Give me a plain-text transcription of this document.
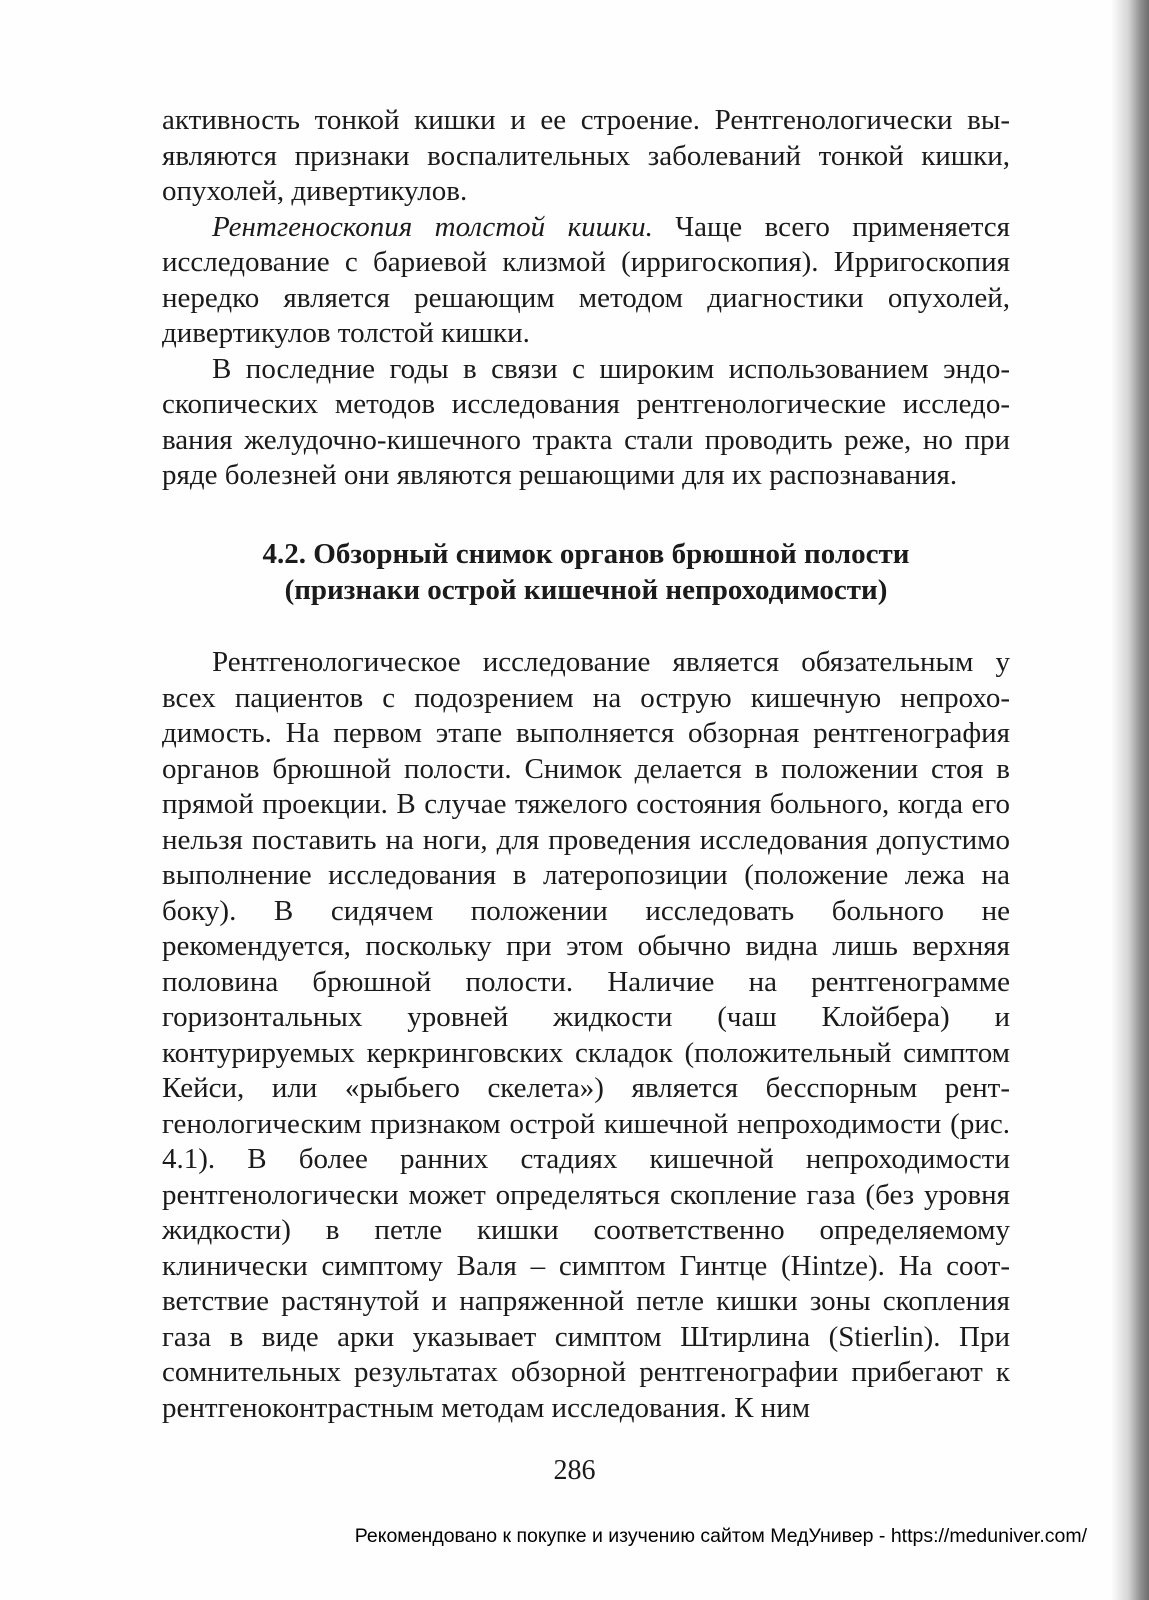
активность тонкой кишки и ее строение. Рентгенологически выявляются признаки воспалительных заболеваний тонкой кишки, опухолей, дивертикулов.

Рентгеноскопия толстой кишки. Чаще всего применяется исследование с бариевой клизмой (ирригоскопия). Ирригоскопия нередко является решающим методом диагностики опухолей, дивертикулов толстой кишки.

В последние годы в связи с широким использованием эндоскопических методов исследования рентгенологические исследования желудочно-кишечного тракта стали проводить реже, но при ряде болезней они являются решающими для их распознавания.

4.2. Обзорный снимок органов брюшной полости
(признаки острой кишечной непроходимости)

Рентгенологическое исследование является обязательным у всех пациентов с подозрением на острую кишечную непроходимость. На первом этапе выполняется обзорная рентгенография органов брюшной полости. Снимок делается в положении стоя в прямой проекции. В случае тяжелого состояния больного, когда его нельзя поставить на ноги, для проведения исследования допустимо выполнение исследования в латеропозиции (положение лежа на боку). В сидячем положении исследовать больного не рекомендуется, поскольку при этом обычно видна лишь верхняя половина брюшной полости. Наличие на рентгенограмме горизонтальных уровней жидкости (чаш Клойбера) и контурируемых керкринговских складок (положительный симптом Кейси, или «рыбьего скелета») является бесспорным рентгенологическим признаком острой кишечной непроходимости (рис. 4.1). В более ранних стадиях кишечной непроходимости рентгенологически может определяться скопление газа (без уровня жидкости) в петле кишки соответственно определяемому клинически симптому Валя – симптом Гинтце (Hintze). На соответствие растянутой и напряженной петле кишки зоны скопления газа в виде арки указывает симптом Штирлина (Stierlin). При сомнительных результатах обзорной рентгенографии прибегают к рентгеноконтрастным методам исследования. К ним

286
Рекомендовано к покупке и изучению сайтом МедУнивер - https://meduniver.com/
